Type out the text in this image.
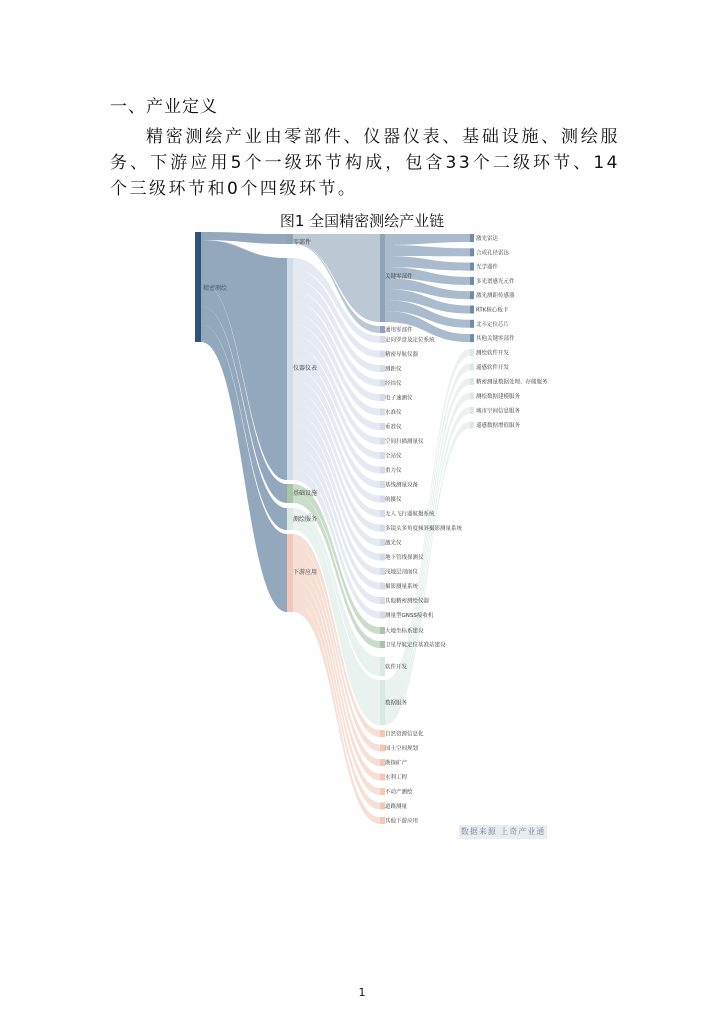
一、产业定义
精密测绘产业由零部件、仪器仪表、基础设施、测绘服务、下游应用5个一级环节构成，包含33个二级环节、14个三级环节和0个四级环节。
图1 全国精密测绘产业链
零部件
仪器仪表
基础设施
测绘服务
下游应用
关键零部件
通用零部件
定向罗盘及定位系统
精密导航仪器
测距仪
经纬仪
电子速测仪
水准仪
垂准仪
空间扫描测量仪
全站仪
重力仪
基线测量设备
航摄仪
无人飞行器航摄系统
多镜头多角度倾斜摄影测量系统
激光仪
地下管线探测仪
浅地层剖面仪
摄影测量系统
其他精密测绘仪器
测量型GNSS接收机
大地坐标系建设
卫星导航定位基准站建设
软件开发
数据服务
自然资源信息化
国土空间规划
勘探矿产
水利工程
不动产测绘
道路测量
其他下游应用
激光雷达
合成孔径雷达
光学器件
多光谱感光元件
激光测距传感器
RTK核心板卡
北斗定位芯片
其他关键零部件
测绘软件开发
遥感软件开发
精密测量数据处理、存储服务
测绘数据建模服务
城市空间信息服务
遥感数据增值服务
数据来源 上奇产业通
1
